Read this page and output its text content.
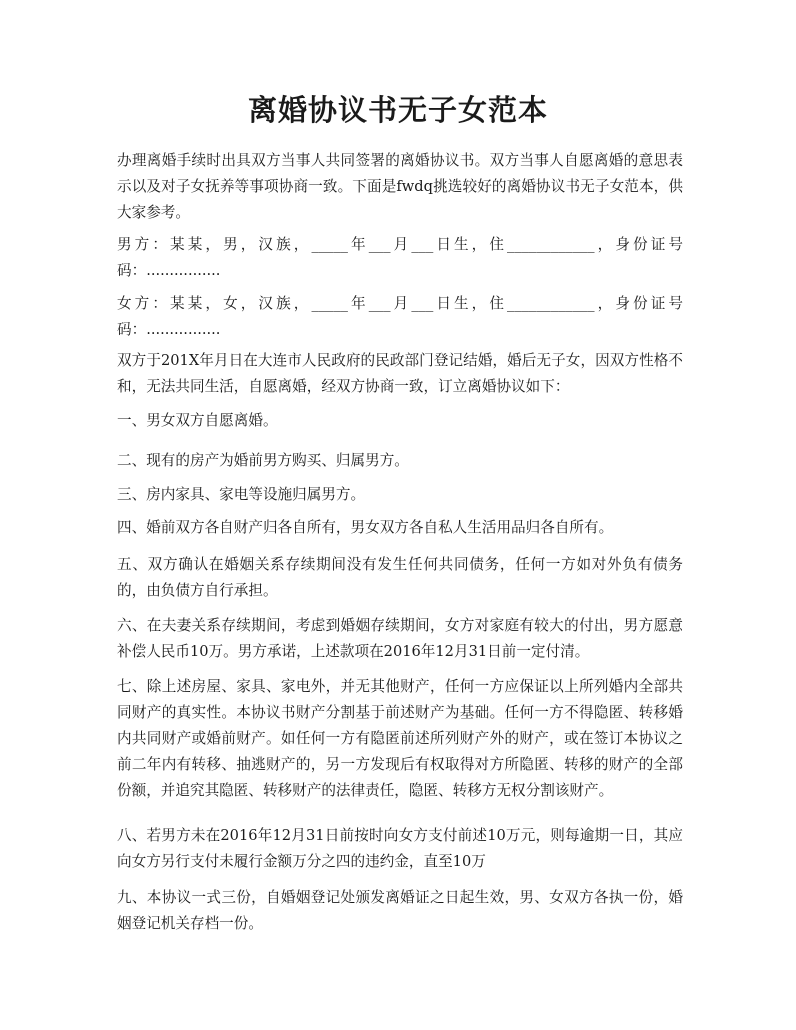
离婚协议书无子女范本
办理离婚手续时出具双方当事人共同签署的离婚协议书。双方当事人自愿离婚的意思表示以及对子女抚养等事项协商一致。下面是fwdq挑选较好的离婚协议书无子女范本，供大家参考。
男方：某某，男，汉族，_____年___月___日生，住____________，身份证号码：................
女方：某某，女，汉族，_____年___月___日生，住____________，身份证号码：................
双方于201X年月日在大连市人民政府的民政部门登记结婚，婚后无子女，因双方性格不和，无法共同生活，自愿离婚，经双方协商一致，订立离婚协议如下：
一、男女双方自愿离婚。
二、现有的房产为婚前男方购买、归属男方。
三、房内家具、家电等设施归属男方。
四、婚前双方各自财产归各自所有，男女双方各自私人生活用品归各自所有。
五、双方确认在婚姻关系存续期间没有发生任何共同债务，任何一方如对外负有债务的，由负债方自行承担。
六、在夫妻关系存续期间，考虑到婚姻存续期间，女方对家庭有较大的付出，男方愿意补偿人民币10万。男方承诺，上述款项在2016年12月31日前一定付清。
七、除上述房屋、家具、家电外，并无其他财产，任何一方应保证以上所列婚内全部共同财产的真实性。本协议书财产分割基于前述财产为基础。任何一方不得隐匿、转移婚内共同财产或婚前财产。如任何一方有隐匿前述所列财产外的财产，或在签订本协议之前二年内有转移、抽逃财产的，另一方发现后有权取得对方所隐匿、转移的财产的全部份额，并追究其隐匿、转移财产的法律责任，隐匿、转移方无权分割该财产。
八、若男方未在2016年12月31日前按时向女方支付前述10万元，则每逾期一日，其应向女方另行支付未履行金额万分之四的违约金，直至10万
九、本协议一式三份，自婚姻登记处颁发离婚证之日起生效，男、女双方各执一份，婚姻登记机关存档一份。
